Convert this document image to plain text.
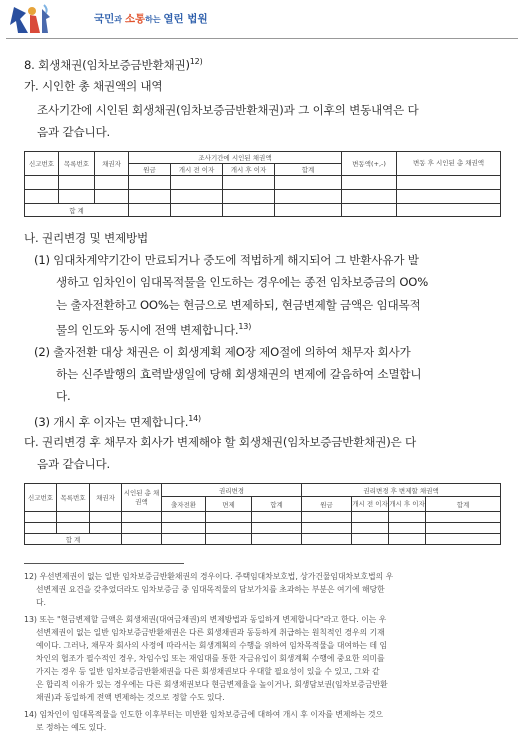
국민과 소통하는 열린 법원
8. 회생채권(임차보증금반환채권)$^{12)}$
가. 시인한 총 채권액의 내역
조사기간에 시인된 회생채권(임차보증금반환채권)과 그 이후의 변동내역은 다
음과 같습니다.
신고번호	목록번호	채권자	조사기간에 시인된 채권액				변동액(+,-)	변동 후 시인된 총 채권액
			원금	개시 전 이자	개시 후 이자	합계		

합 계								
나. 권리변경 및 변제방법
(1) 임대차계약기간이 만료되거나 중도에 적법하게 해지되어 그 반환사유가 발
생하고 임차인이 임대목적물을 인도하는 경우에는 종전 임차보증금의 OO%
는 출자전환하고 OO%는 현금으로 변제하되, 현금변제할 금액은 임대목적
물의 인도와 동시에 전액 변제합니다.$^{13)}$
(2) 출자전환 대상 채권은 이 회생계획 제O장 제O절에 의하여 채무자 회사가
하는 신주발행의 효력발생일에 당해 회생채권의 변제에 갈음하여 소멸합니
다.
(3) 개시 후 이자는 면제합니다.$^{14)}$
다. 권리변경 후 채무자 회사가 변제해야 할 회생채권(임차보증금반환채권)은 다
음과 같습니다.
신고번호	목록번호	채권자	시인된 총 채권액	권리변경			권리변경 후 변제할 채권액			
				출자전환	면제	합계	원금	개시 전 이자	개시 후 이자	합계

합 계										
12) 우선변제권이 없는 일반 임차보증금반환채권의 경우이다. 주택임대차보호법, 상가건물임대차보호법의 우
선변제권 요건을 갖추었더라도 임차보증금 중 임대목적물의 담보가치를 초과하는 부분은 여기에 해당한
다.
13) 또는 "현금변제할 금액은 회생채권(대여금채권)의 변제방법과 동일하게 변제합니다"라고 한다. 이는 우
선변제권이 없는 일반 임차보증금반환채권은 다른 회생채권과 동등하게 취급하는 원칙적인 경우의 기재
예이다. 그러나, 채무자 회사의 사정에 따라서는 회생계획의 수행을 위하여 임차목적물을 대여하는 데 임
차인의 협조가 필수적인 경우, 차임수입 또는 재임대를 통한 자금유입이 회생계획 수행에 중요한 의미를
가지는 경우 등 일반 임차보증금반환채권을 다른 회생채권보다 우대할 필요성이 있을 수 있고, 그와 같
은 합리적 이유가 있는 경우에는 다른 회생채권보다 현금변제율을 높이거나, 회생담보권(임차보증금반환
채권)과 동일하게 전액 변제하는 것으로 정할 수도 있다.
14) 임차인이 임대목적물을 인도한 이후부터는 미반환 임차보증금에 대하여 개시 후 이자를 변제하는 것으
로 정하는 예도 있다.
